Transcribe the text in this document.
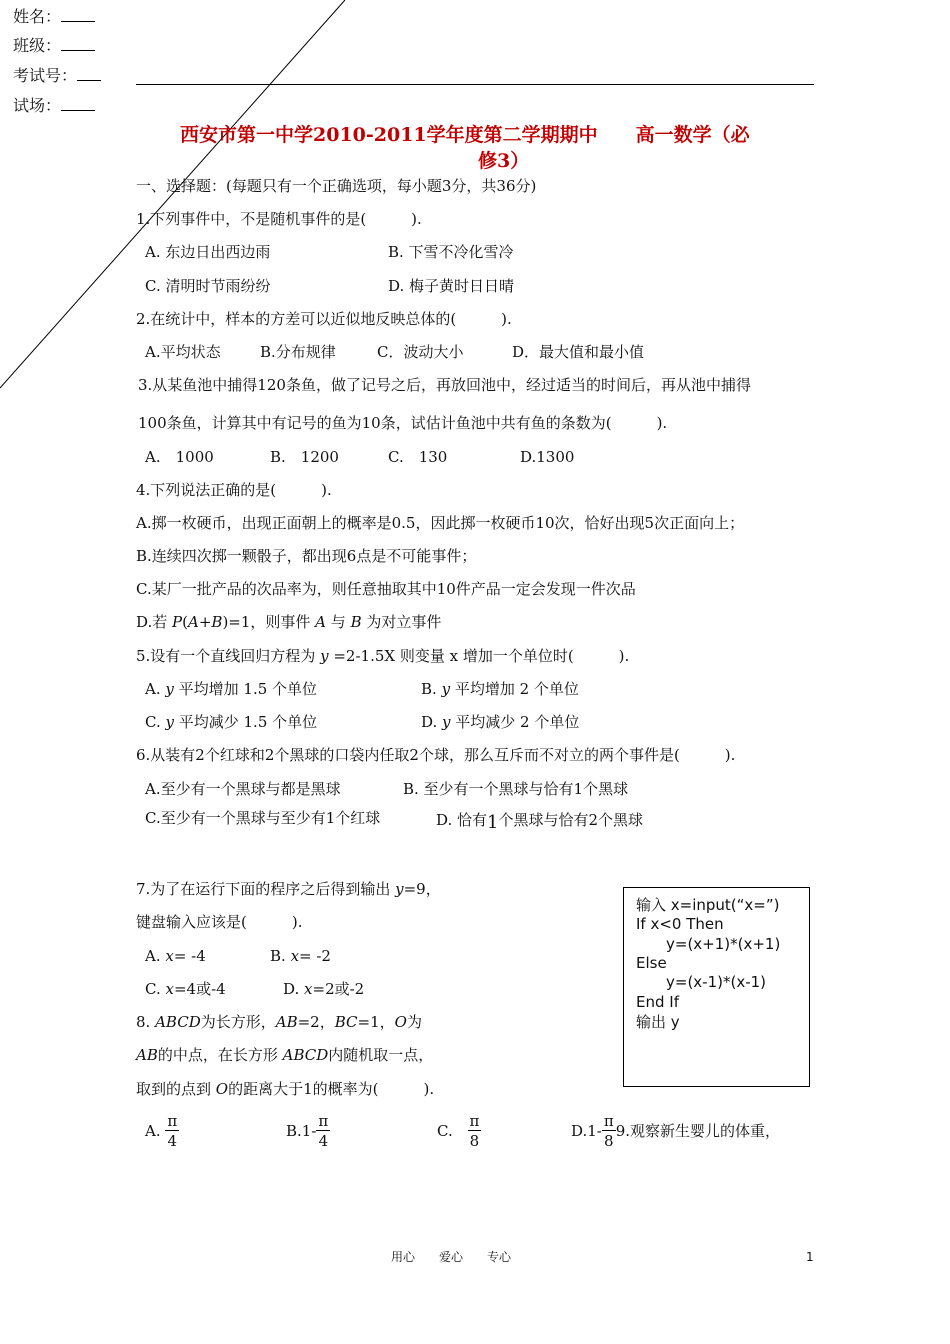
姓名：
班级：
考试号：
试场：
西安市第一中学2010-2011学年度第二学期期中　　高一数学（必
修3）
一、选择题：(每题只有一个正确选项，每小题3分，共36分)
1.下列事件中，不是随机事件的是(　　　).
A. 东边日出西边雨	B. 下雪不冷化雪冷
C. 清明时节雨纷纷	D. 梅子黄时日日晴
2.在统计中，样本的方差可以近似地反映总体的(　　　).
A.平均状态	B.分布规律	C．波动大小	D．最大值和最小值
3.从某鱼池中捕得120条鱼，做了记号之后，再放回池中，经过适当的时间后，再从池中捕得
100条鱼，计算其中有记号的鱼为10条，试估计鱼池中共有鱼的条数为(　　　).
A.　1000	B.　1200	C.　130	D.1300
4.下列说法正确的是(　　　).
A.掷一枚硬币，出现正面朝上的概率是0.5，因此掷一枚硬币10次，恰好出现5次正面向上；
B.连续四次掷一颗骰子，都出现6点是不可能事件；
C.某厂一批产品的次品率为，则任意抽取其中10件产品一定会发现一件次品
D.若 P(A+B)=1，则事件 A 与 B 为对立事件
5.设有一个直线回归方程为 y =2-1.5X 则变量 x 增加一个单位时(　　　).
A. y 平均增加 1.5 个单位	B. y 平均增加 2 个单位
C. y 平均减少 1.5 个单位	D. y 平均减少 2 个单位
6.从装有2个红球和2个黑球的口袋内任取2个球，那么互斥而不对立的两个事件是(　　　).
A.至少有一个黑球与都是黑球	B. 至少有一个黑球与恰有1个黑球
C.至少有一个黑球与至少有1个红球	D. 恰有1个黑球与恰有2个黑球
7.为了在运行下面的程序之后得到输出 y=9，
键盘输入应该是(　　　).
A. x= -4	B. x= -2
C. x=4或-4	D. x=2或-2
输入 x=input(“x=”)
If x<0 Then
y=(x+1)*(x+1)
Else
y=(x-1)*(x-1)
End If
输出 y
8. ABCD为长方形，AB=2，BC=1，O为
AB的中点，在长方形 ABCD内随机取一点，
取到的点到 O的距离大于1的概率为(　　　).
A. $\frac{\pi}{4}$	$B.1- \frac{\pi}{4}$	C. $\frac{\pi}{8}$	$D.1- \frac{\pi}{8} 9$.观察新生婴儿的体重，
用心　　爱心　　专心	1
